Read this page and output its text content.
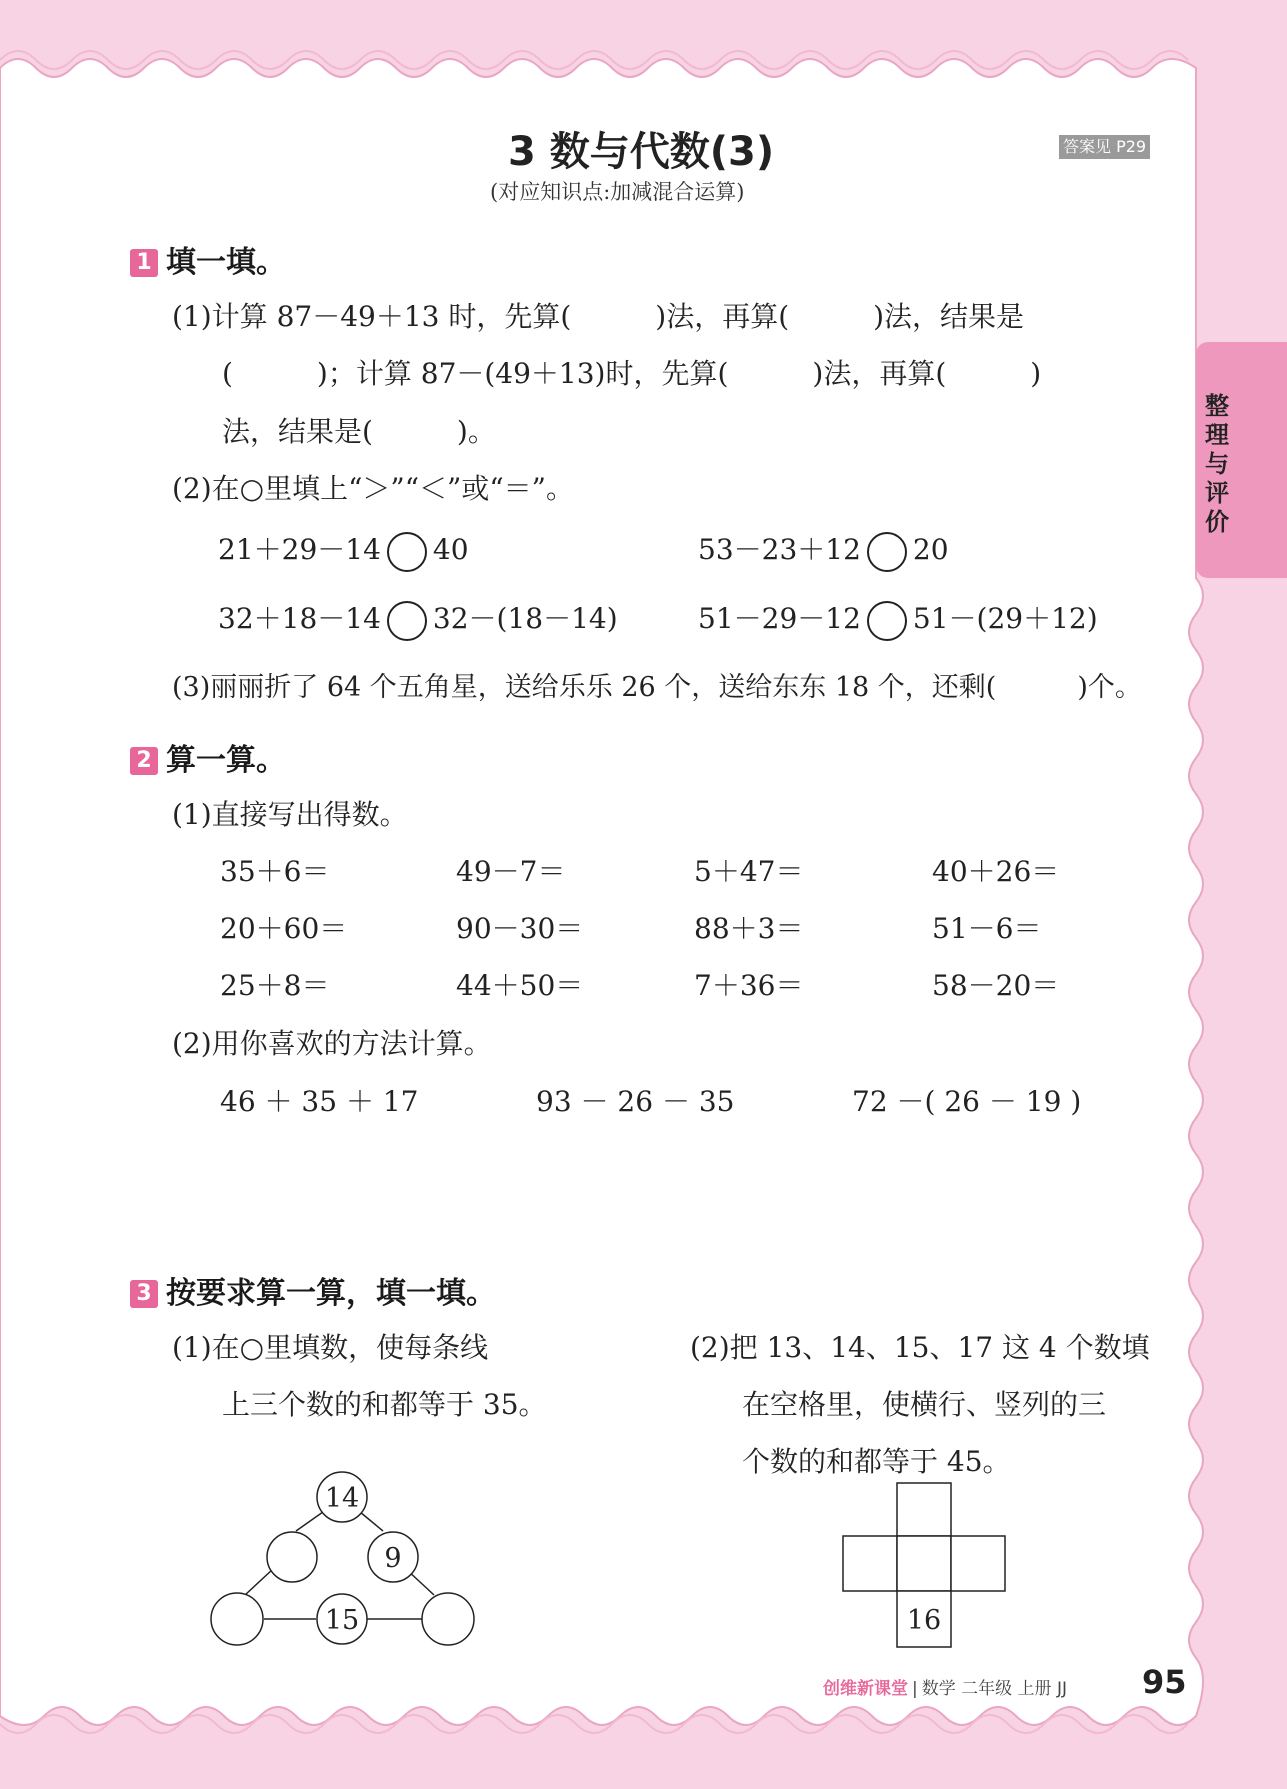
整理与评价
3 数与代数(3)
(对应知识点:加减混合运算)
答案见 P29
1 填一填。
(1)计算 87－49＋13 时，先算(　　　)法，再算(　　　)法，结果是
(　　　)；计算 87－(49＋13)时，先算(　　　)法，再算(　　　)
法，结果是(　　　)。
(2)在○里填上“＞”“＜”或“＝”。
21＋29－14 40	53－23＋12 20
32＋18－14 32－(18－14)	51－29－12 51－(29＋12)
(3)丽丽折了 64 个五角星，送给乐乐 26 个，送给东东 18 个，还剩(　　　)个。
2 算一算。
(1)直接写出得数。
35＋6＝	49－7＝	5＋47＝	40＋26＝
20＋60＝	90－30＝	88＋3＝	51－6＝
25＋8＝	44＋50＝	7＋36＝	58－20＝
(2)用你喜欢的方法计算。
46 ＋ 35 ＋ 17	93 － 26 － 35	72 －( 26 － 19 )
3 按要求算一算，填一填。
(1)在○里填数，使每条线
上三个数的和都等于 35。
(2)把 13、14、15、17 这 4 个数填
在空格里，使横行、竖列的三
个数的和都等于 45。
14
9
15	16
创维新课堂 | 数学 二年级 上册 JJ 95
